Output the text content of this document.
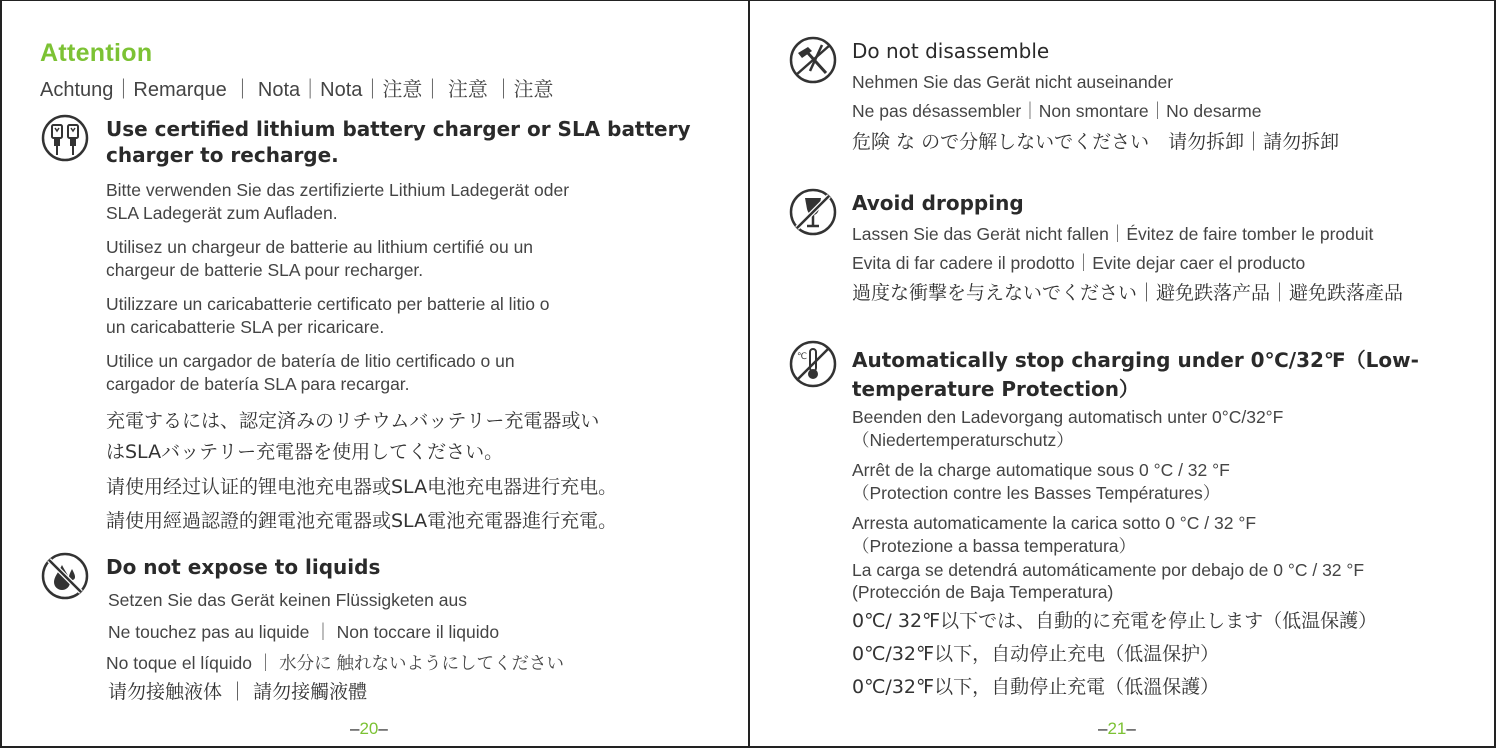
Attention
Achtung｜Remarque ｜ Nota｜Nota｜注意｜ 注意 ｜注意
Use certified lithium battery charger or SLA battery
charger to recharge.
Bitte verwenden Sie das zertifizierte Lithium Ladegerät oder
SLA Ladegerät zum Aufladen.
Utilisez un chargeur de batterie au lithium certifié ou un
chargeur de batterie SLA pour recharger.
Utilizzare un caricabatterie certificato per batterie al litio o
un caricabatterie SLA per ricaricare.
Utilice un cargador de batería de litio certificado o un
cargador de batería SLA para recargar.
充電するには、認定済みのリチウムバッテリー充電器或い
はSLAバッテリー充電器を使用してください。
请使用经过认证的锂电池充电器或SLA电池充电器进行充电。
請使用經過認證的鋰電池充電器或SLA電池充電器進行充電。
Do not expose to liquids
Setzen Sie das Gerät keinen Flüssigketen aus
Ne touchez pas au liquide ｜ Non toccare il liquido
No toque el líquido ｜ 水分に 触れないようにしてください
请勿接触液体 ｜ 請勿接觸液體
–20–
Do not disassemble
Nehmen Sie das Gerät nicht auseinander
Ne pas désassembler｜Non smontare｜No desarme
危険 な ので分解しないでください　请勿拆卸｜請勿拆卸
Avoid dropping
Lassen Sie das Gerät nicht fallen｜Évitez de faire tomber le produit
Evita di far cadere il prodotto｜Evite dejar caer el producto
過度な衝撃を与えないでください｜避免跌落产品｜避免跌落產品
℃ Automatically stop charging under 0℃/32℉（Low-
temperature Protection）
Beenden den Ladevorgang automatisch unter 0°C/32°F
（Niedertemperaturschutz）
Arrêt de la charge automatique sous 0 °C / 32 °F
（Protection contre les Basses Températures）
Arresta automaticamente la carica sotto 0 °C / 32 °F
（Protezione a bassa temperatura）
La carga se detendrá automáticamente por debajo de 0 °C / 32 °F
(Protección de Baja Temperatura)
0℃/ 32℉以下では、自動的に充電を停止します（低温保護）
0℃/32℉以下，自动停止充电（低温保护）
0℃/32℉以下，自動停止充電（低溫保護）
–21–
